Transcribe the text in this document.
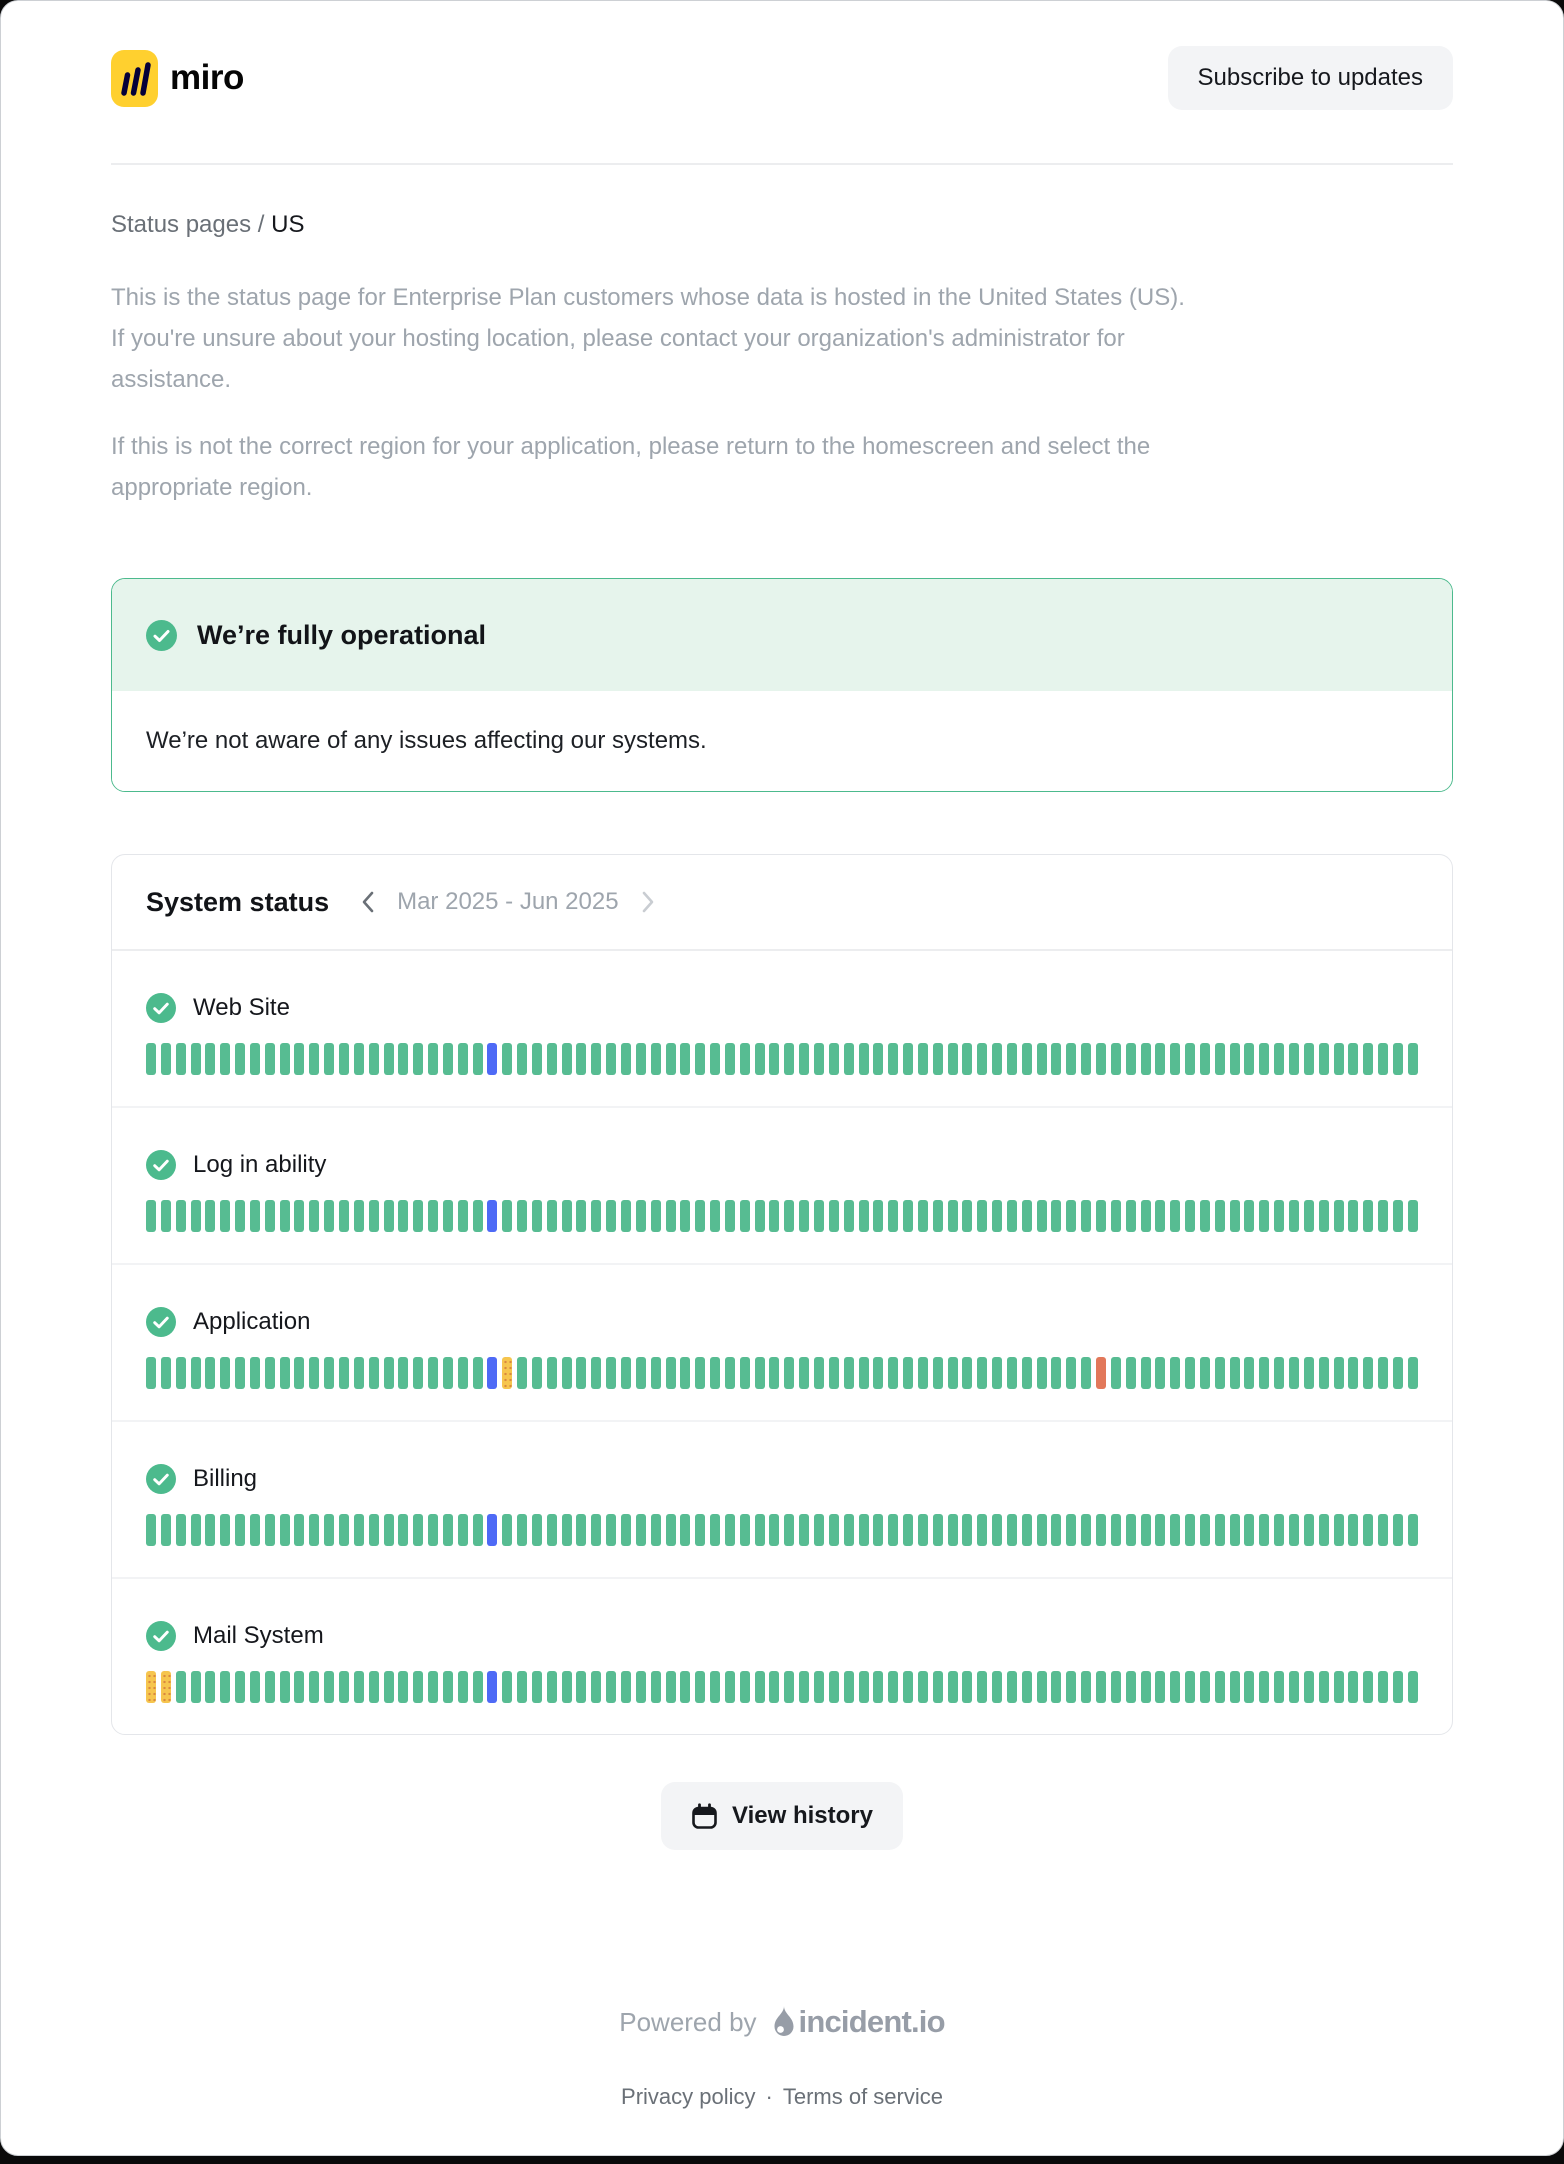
miro	Subscribe to updates
Status pages / US
This is the status page for Enterprise Plan customers whose data is hosted in the United States (US).
If you're unsure about your hosting location, please contact your organization's administrator for
assistance.
If this is not the correct region for your application, please return to the homescreen and select the
appropriate region.
We’re fully operational
We’re not aware of any issues affecting our systems.
System status	Mar 2025 - Jun 2025
Web Site
Log in ability
Application
Billing
Mail System
View history
Powered by incident.io
Privacy policy · Terms of service
